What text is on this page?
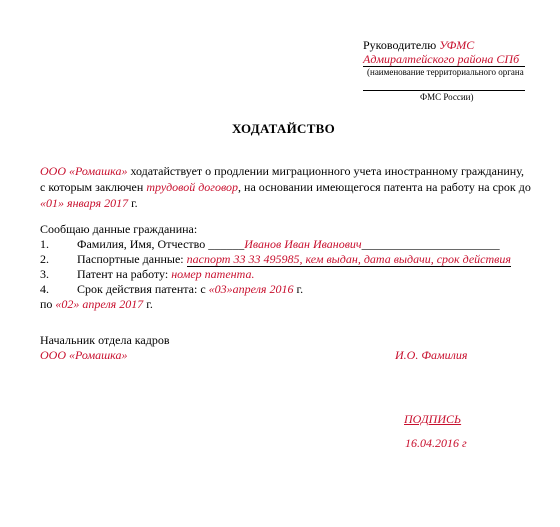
Руководителю УФМС
Адмиралтейского района СПб
(наименование территориального органа
ФМС России)
ХОДАТАЙСТВО
ООО «Ромашка» ходатайствует о продлении миграционного учета иностранному гражданину,
с которым заключен трудовой договор, на основании имеющегося патента на работу на срок до
«01» января 2017 г.
Сообщаю данные гражданина:
1. Фамилия, Имя, Отчество ______Иванов Иван Иванович_______________________
2. Паспортные данные: паспорт 33 33 495985, кем выдан, дата выдачи, срок действия
3. Патент на работу: номер патента.
4. Срок действия патента: с «03»апреля 2016 г.
по «02» апреля 2017 г.
Начальник отдела кадров
ООО «Ромашка»	И.О. Фамилия
ПОДПИСЬ
16.04.2016 г
